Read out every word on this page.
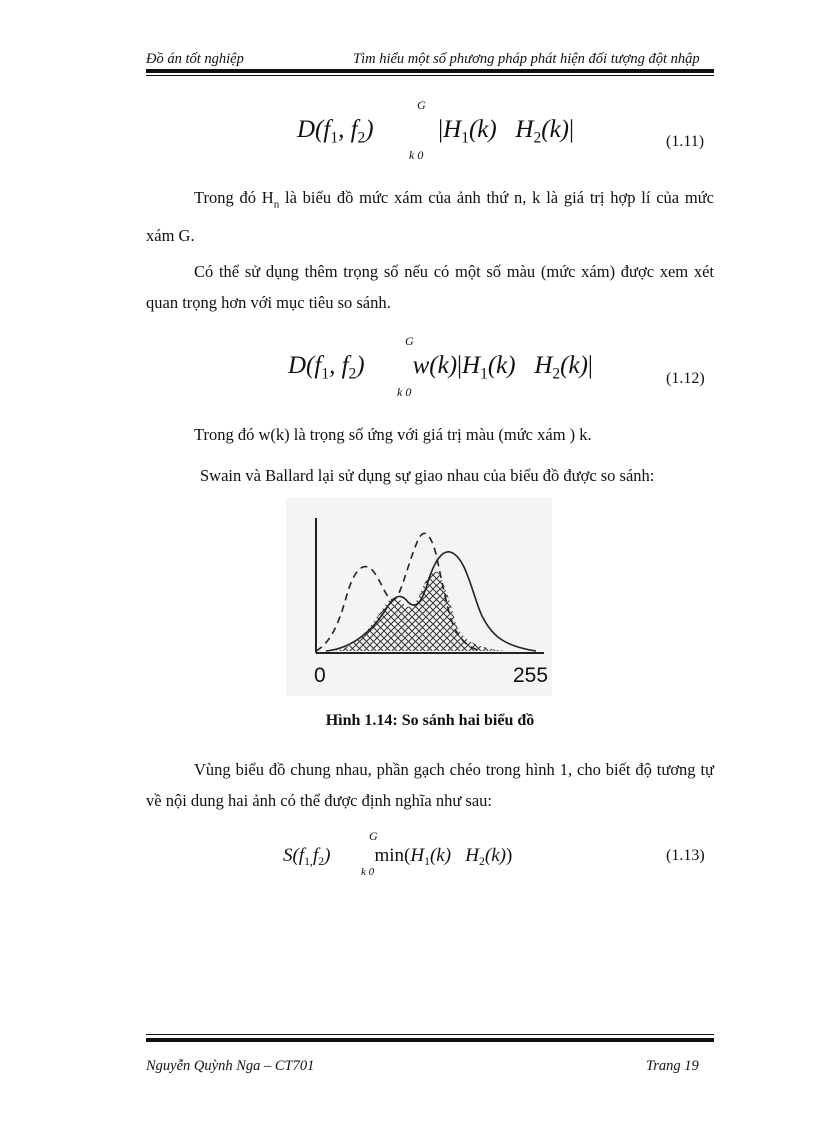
Đồ án tốt nghiệp	Tìm hiểu một số phương pháp phát hiện đối tượng đột nhập
G
$D(f_1$, $f_2$)	$|H_1(k)$   $H_2(k)|$
k 0
(1.11)
Trong đó $H_n$ là biểu đồ mức xám của ảnh thứ n, k là giá trị hợp lí của mức xám G.
Có thể sử dụng thêm trọng số nếu có một số màu (mức xám) được xem xét quan trọng hơn với mục tiêu so sánh.
G
$D(f_1$, $f_2$) $w(k)|H_1(k)$   $H_2(k)|$
k 0
(1.12)
Trong đó w(k) là trọng số ứng với giá trị màu (mức xám ) k.
Swain và Ballard lại sử dụng sự giao nhau của biểu đồ được so sánh:
0	255
Hình 1.14: So sánh hai biểu đồ
Vùng biểu đồ chung nhau, phần gạch chéo trong hình 1, cho biết độ tương tự về nội dung hai ảnh có thể được định nghĩa như sau:
G
$S(f_{1,}f_2)$ $\min(H_1(k)$   $H_2(k)$)
k 0
(1.13)
Nguyễn Quỳnh Nga – CT701	Trang 19
